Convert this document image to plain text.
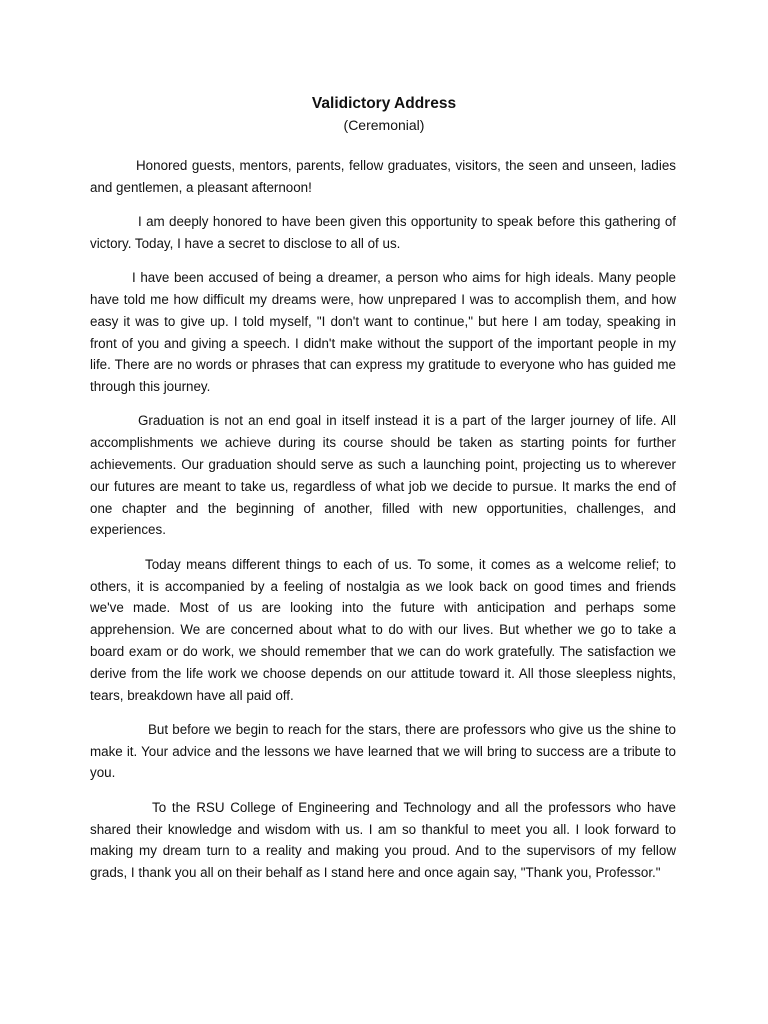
Validictory Address
(Ceremonial)

Honored guests, mentors, parents, fellow graduates, visitors, the seen and unseen, ladies and gentlemen, a pleasant afternoon!

I am deeply honored to have been given this opportunity to speak before this gathering of victory. Today, I have a secret to disclose to all of us.

I have been accused of being a dreamer, a person who aims for high ideals. Many people have told me how difficult my dreams were, how unprepared I was to accomplish them, and how easy it was to give up. I told myself, "I don't want to continue," but here I am today, speaking in front of you and giving a speech. I didn't make without the support of the important people in my life. There are no words or phrases that can express my gratitude to everyone who has guided me through this journey.

Graduation is not an end goal in itself instead it is a part of the larger journey of life. All accomplishments we achieve during its course should be taken as starting points for further achievements. Our graduation should serve as such a launching point, projecting us to wherever our futures are meant to take us, regardless of what job we decide to pursue. It marks the end of one chapter and the beginning of another, filled with new opportunities, challenges, and experiences.

Today means different things to each of us. To some, it comes as a welcome relief; to others, it is accompanied by a feeling of nostalgia as we look back on good times and friends we've made. Most of us are looking into the future with anticipation and perhaps some apprehension. We are concerned about what to do with our lives. But whether we go to take a board exam or do work, we should remember that we can do work gratefully. The satisfaction we derive from the life work we choose depends on our attitude toward it. All those sleepless nights, tears, breakdown have all paid off.

But before we begin to reach for the stars, there are professors who give us the shine to make it. Your advice and the lessons we have learned that we will bring to success are a tribute to you.

To the RSU College of Engineering and Technology and all the professors who have shared their knowledge and wisdom with us. I am so thankful to meet you all. I look forward to making my dream turn to a reality and making you proud. And to the supervisors of my fellow grads, I thank you all on their behalf as I stand here and once again say, "Thank you, Professor."
